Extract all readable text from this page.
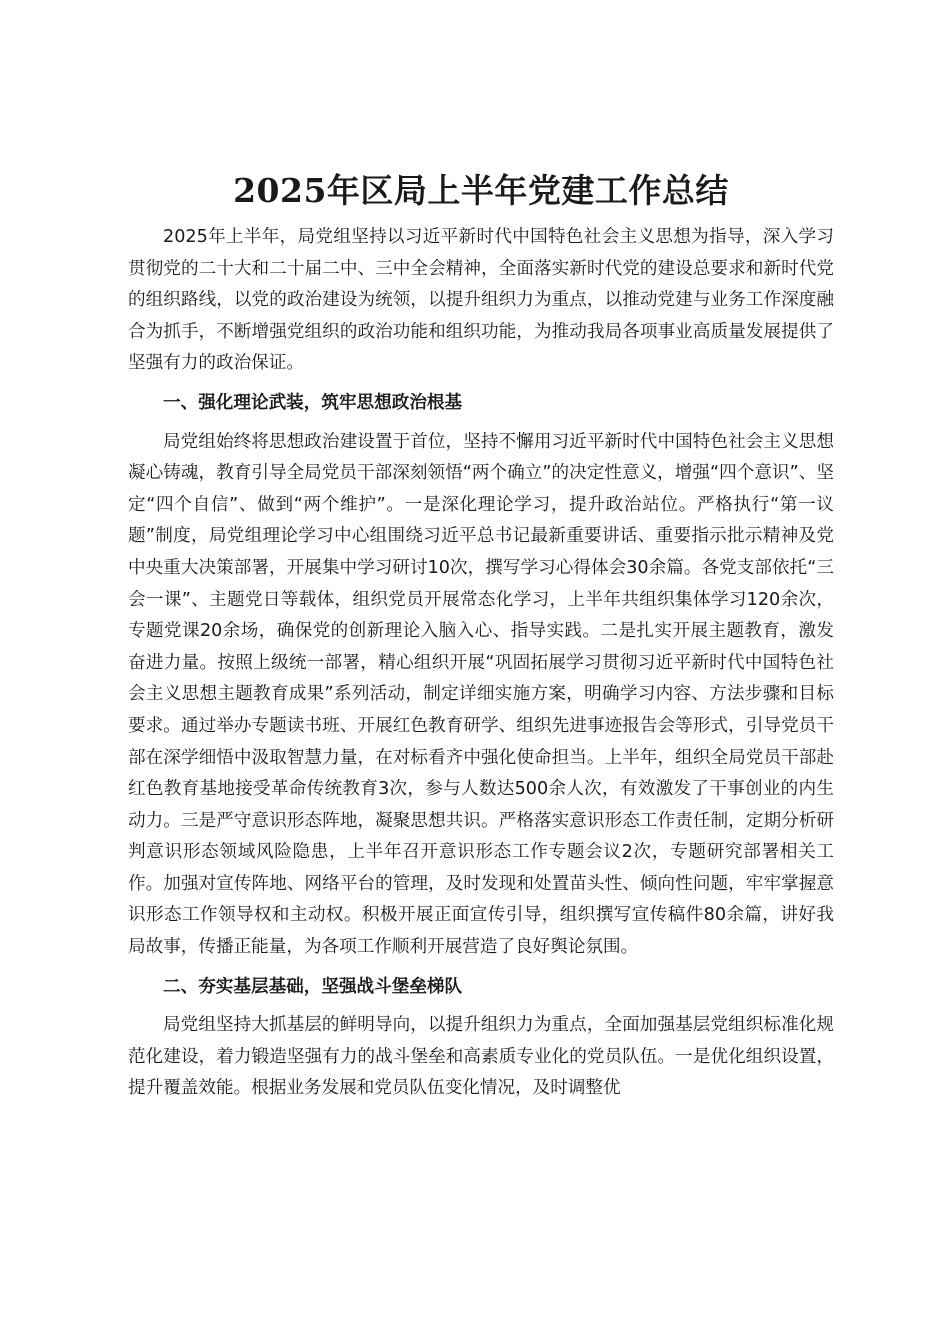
2025年区局上半年党建工作总结

2025年上半年，局党组坚持以习近平新时代中国特色社会主义思想为指导，深入学习贯彻党的二十大和二十届二中、三中全会精神，全面落实新时代党的建设总要求和新时代党的组织路线，以党的政治建设为统领，以提升组织力为重点，以推动党建与业务工作深度融合为抓手，不断增强党组织的政治功能和组织功能，为推动我局各项事业高质量发展提供了坚强有力的政治保证。

一、强化理论武装，筑牢思想政治根基

局党组始终将思想政治建设置于首位，坚持不懈用习近平新时代中国特色社会主义思想凝心铸魂，教育引导全局党员干部深刻领悟“两个确立”的决定性意义，增强“四个意识”、坚定“四个自信”、做到“两个维护”。一是深化理论学习，提升政治站位。严格执行“第一议题”制度，局党组理论学习中心组围绕习近平总书记最新重要讲话、重要指示批示精神及党中央重大决策部署，开展集中学习研讨10次，撰写学习心得体会30余篇。各党支部依托“三会一课”、主题党日等载体，组织党员开展常态化学习，上半年共组织集体学习120余次，专题党课20余场，确保党的创新理论入脑入心、指导实践。二是扎实开展主题教育，激发奋进力量。按照上级统一部署，精心组织开展“巩固拓展学习贯彻习近平新时代中国特色社会主义思想主题教育成果”系列活动，制定详细实施方案，明确学习内容、方法步骤和目标要求。通过举办专题读书班、开展红色教育研学、组织先进事迹报告会等形式，引导党员干部在深学细悟中汲取智慧力量，在对标看齐中强化使命担当。上半年，组织全局党员干部赴红色教育基地接受革命传统教育3次，参与人数达500余人次，有效激发了干事创业的内生动力。三是严守意识形态阵地，凝聚思想共识。严格落实意识形态工作责任制，定期分析研判意识形态领域风险隐患，上半年召开意识形态工作专题会议2次，专题研究部署相关工作。加强对宣传阵地、网络平台的管理，及时发现和处置苗头性、倾向性问题，牢牢掌握意识形态工作领导权和主动权。积极开展正面宣传引导，组织撰写宣传稿件80余篇，讲好我局故事，传播正能量，为各项工作顺利开展营造了良好舆论氛围。

二、夯实基层基础，坚强战斗堡垒梯队

局党组坚持大抓基层的鲜明导向，以提升组织力为重点，全面加强基层党组织标准化规范化建设，着力锻造坚强有力的战斗堡垒和高素质专业化的党员队伍。一是优化组织设置，提升覆盖效能。根据业务发展和党员队伍变化情况，及时调整优
